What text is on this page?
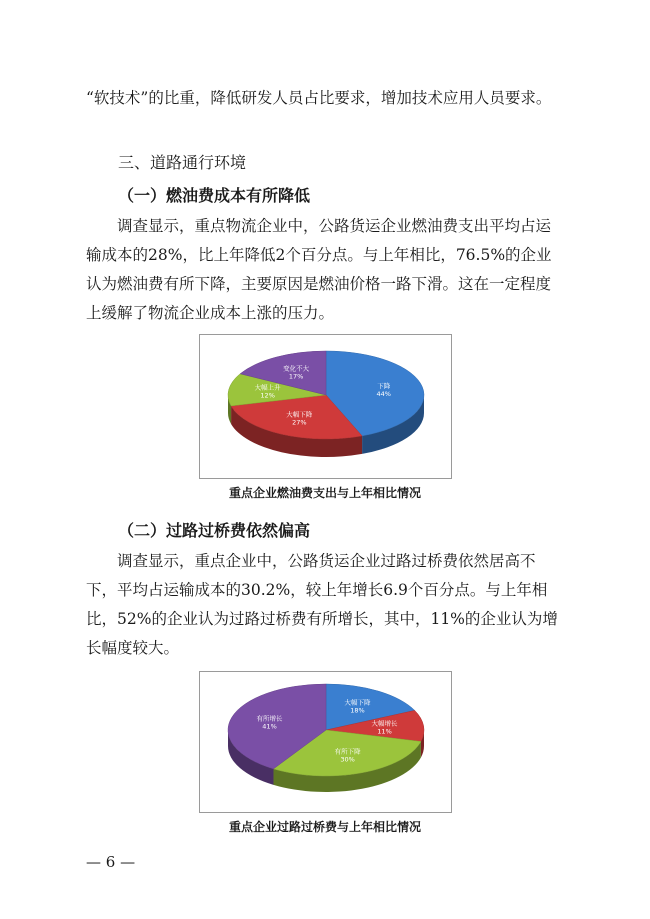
“软技术”的比重，降低研发人员占比要求，增加技术应用人员要求。

三、道路通行环境

（一）燃油费成本有所降低

调查显示，重点物流企业中，公路货运企业燃油费支出平均占运输成本的28%，比上年降低2个百分点。与上年相比，76.5%的企业认为燃油费有所下降，主要原因是燃油价格一路下滑。这在一定程度上缓解了物流企业成本上涨的压力。

下降
44%
大幅下降
27%
大幅上升
12%
变化不大
17%
重点企业燃油费支出与上年相比情况

（二）过路过桥费依然偏高

调查显示，重点企业中，公路货运企业过路过桥费依然居高不下，平均占运输成本的30.2%，较上年增长6.9个百分点。与上年相比，52%的企业认为过路过桥费有所增长，其中，11%的企业认为增长幅度较大。

大幅下降
18%
大幅增长
11%
有所下降
30%
有所增长
41%
重点企业过路过桥费与上年相比情况
— 6 —
